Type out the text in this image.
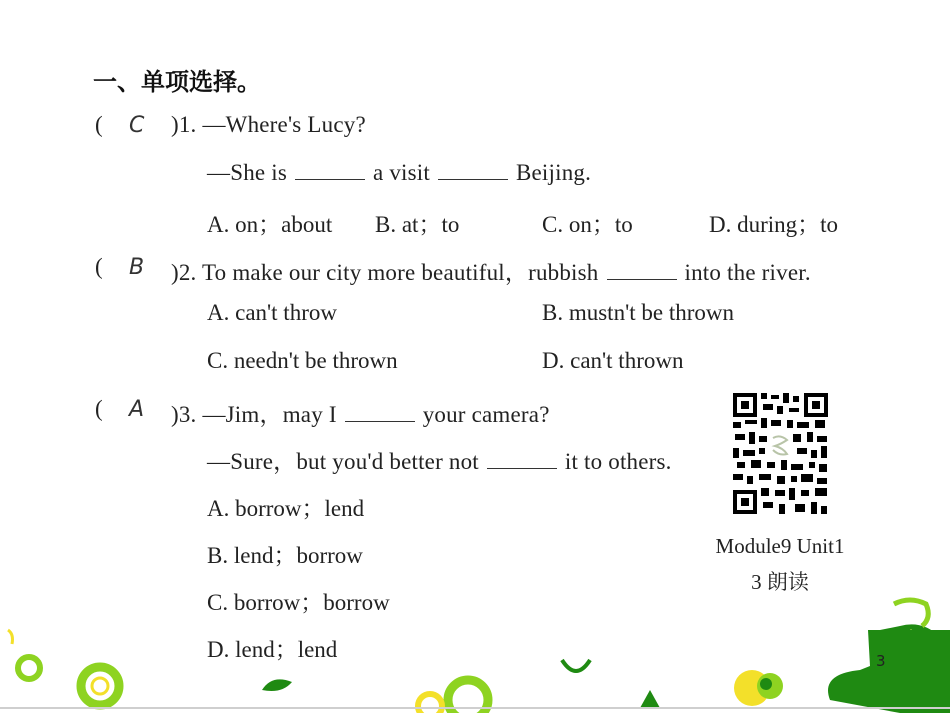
一、单项选择。
( C )1. —Where's Lucy?
—She is	a visit	Beijing.
A. on；about B. at；to	C. on；to	D. during；to
( B )2. To make our city more beautiful，rubbish	into the river.
A. can't throw	B. mustn't be thrown
C. needn't be thrown	D. can't thrown
( A )3. —Jim，may I	your camera?
—Sure，but you'd better not	it to others.
A. borrow；lend
B. lend；borrow
C. borrow；borrow
D. lend；lend
Module9 Unit1
3 朗读
3
